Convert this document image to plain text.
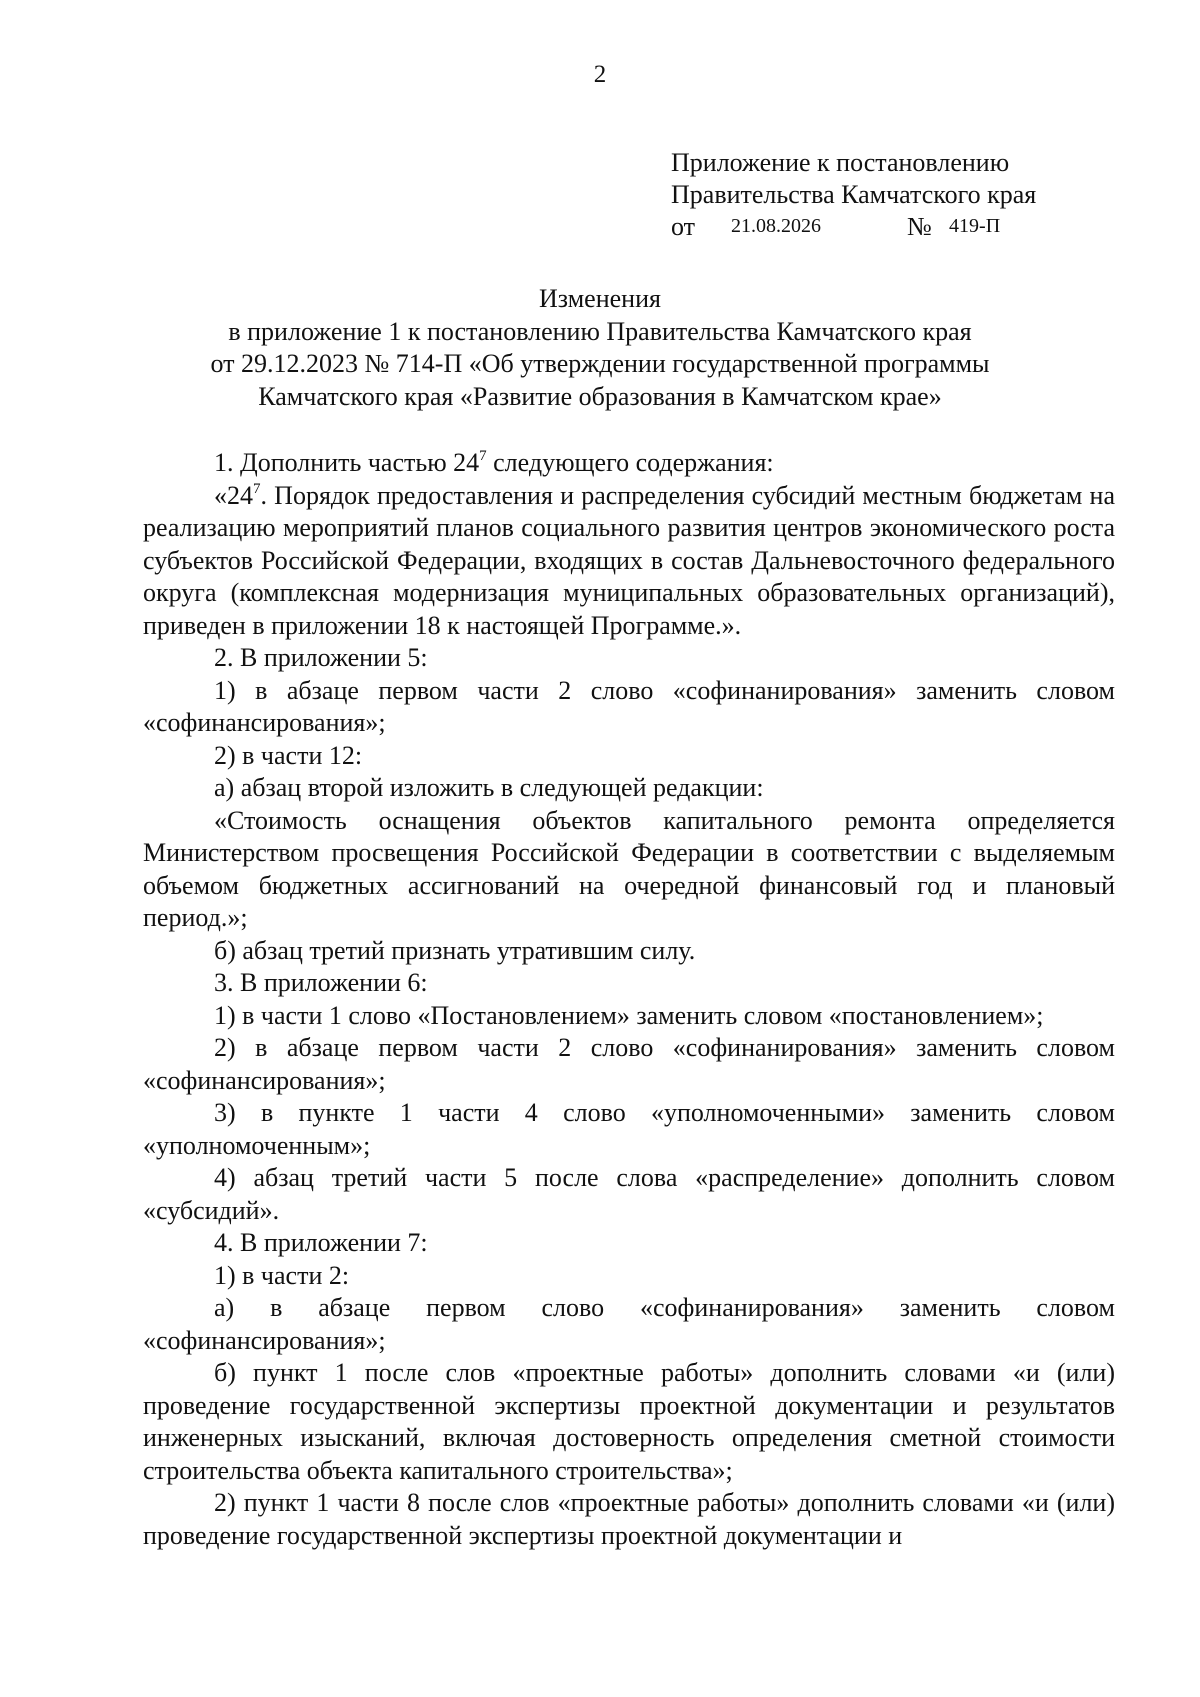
2
Приложение к постановлению
Правительства Камчатского края
от 21.08.2026	№ 419-П
Изменения
в приложение 1 к постановлению Правительства Камчатского края
от 29.12.2023 № 714-П «Об утверждении государственной программы
Камчатского края «Развитие образования в Камчатском крае»

1. Дополнить частью $24^7$ следующего содержания:

«$24^7$. Порядок предоставления и распределения субсидий местным бюджетам на реализацию мероприятий планов социального развития центров экономического роста субъектов Российской Федерации, входящих в состав Дальневосточного федерального округа (комплексная модернизация муниципальных образовательных организаций), приведен в приложении 18 к настоящей Программе.».

2. В приложении 5:

1) в абзаце первом части 2 слово «софинанирования» заменить словом «софинансирования»;

2) в части 12:

а) абзац второй изложить в следующей редакции:

«Стоимость оснащения объектов капитального ремонта определяется Министерством просвещения Российской Федерации в соответствии с выделяемым объемом бюджетных ассигнований на очередной финансовый год и плановый период.»;

б) абзац третий признать утратившим силу.

3. В приложении 6:

1) в части 1 слово «Постановлением» заменить словом «постановлением»;

2) в абзаце первом части 2 слово «софинанирования» заменить словом «софинансирования»;

3) в пункте 1 части 4 слово «уполномоченными» заменить словом «уполномоченным»;

4) абзац третий части 5 после слова «распределение» дополнить словом «субсидий».

4. В приложении 7:

1) в части 2:

а) в абзаце первом слово «софинанирования» заменить словом «софинансирования»;

б) пункт 1 после слов «проектные работы» дополнить словами «и (или) проведение государственной экспертизы проектной документации и результатов инженерных изысканий, включая достоверность определения сметной стоимости строительства объекта капитального строительства»;

2) пункт 1 части 8 после слов «проектные работы» дополнить словами «и (или) проведение государственной экспертизы проектной документации и
